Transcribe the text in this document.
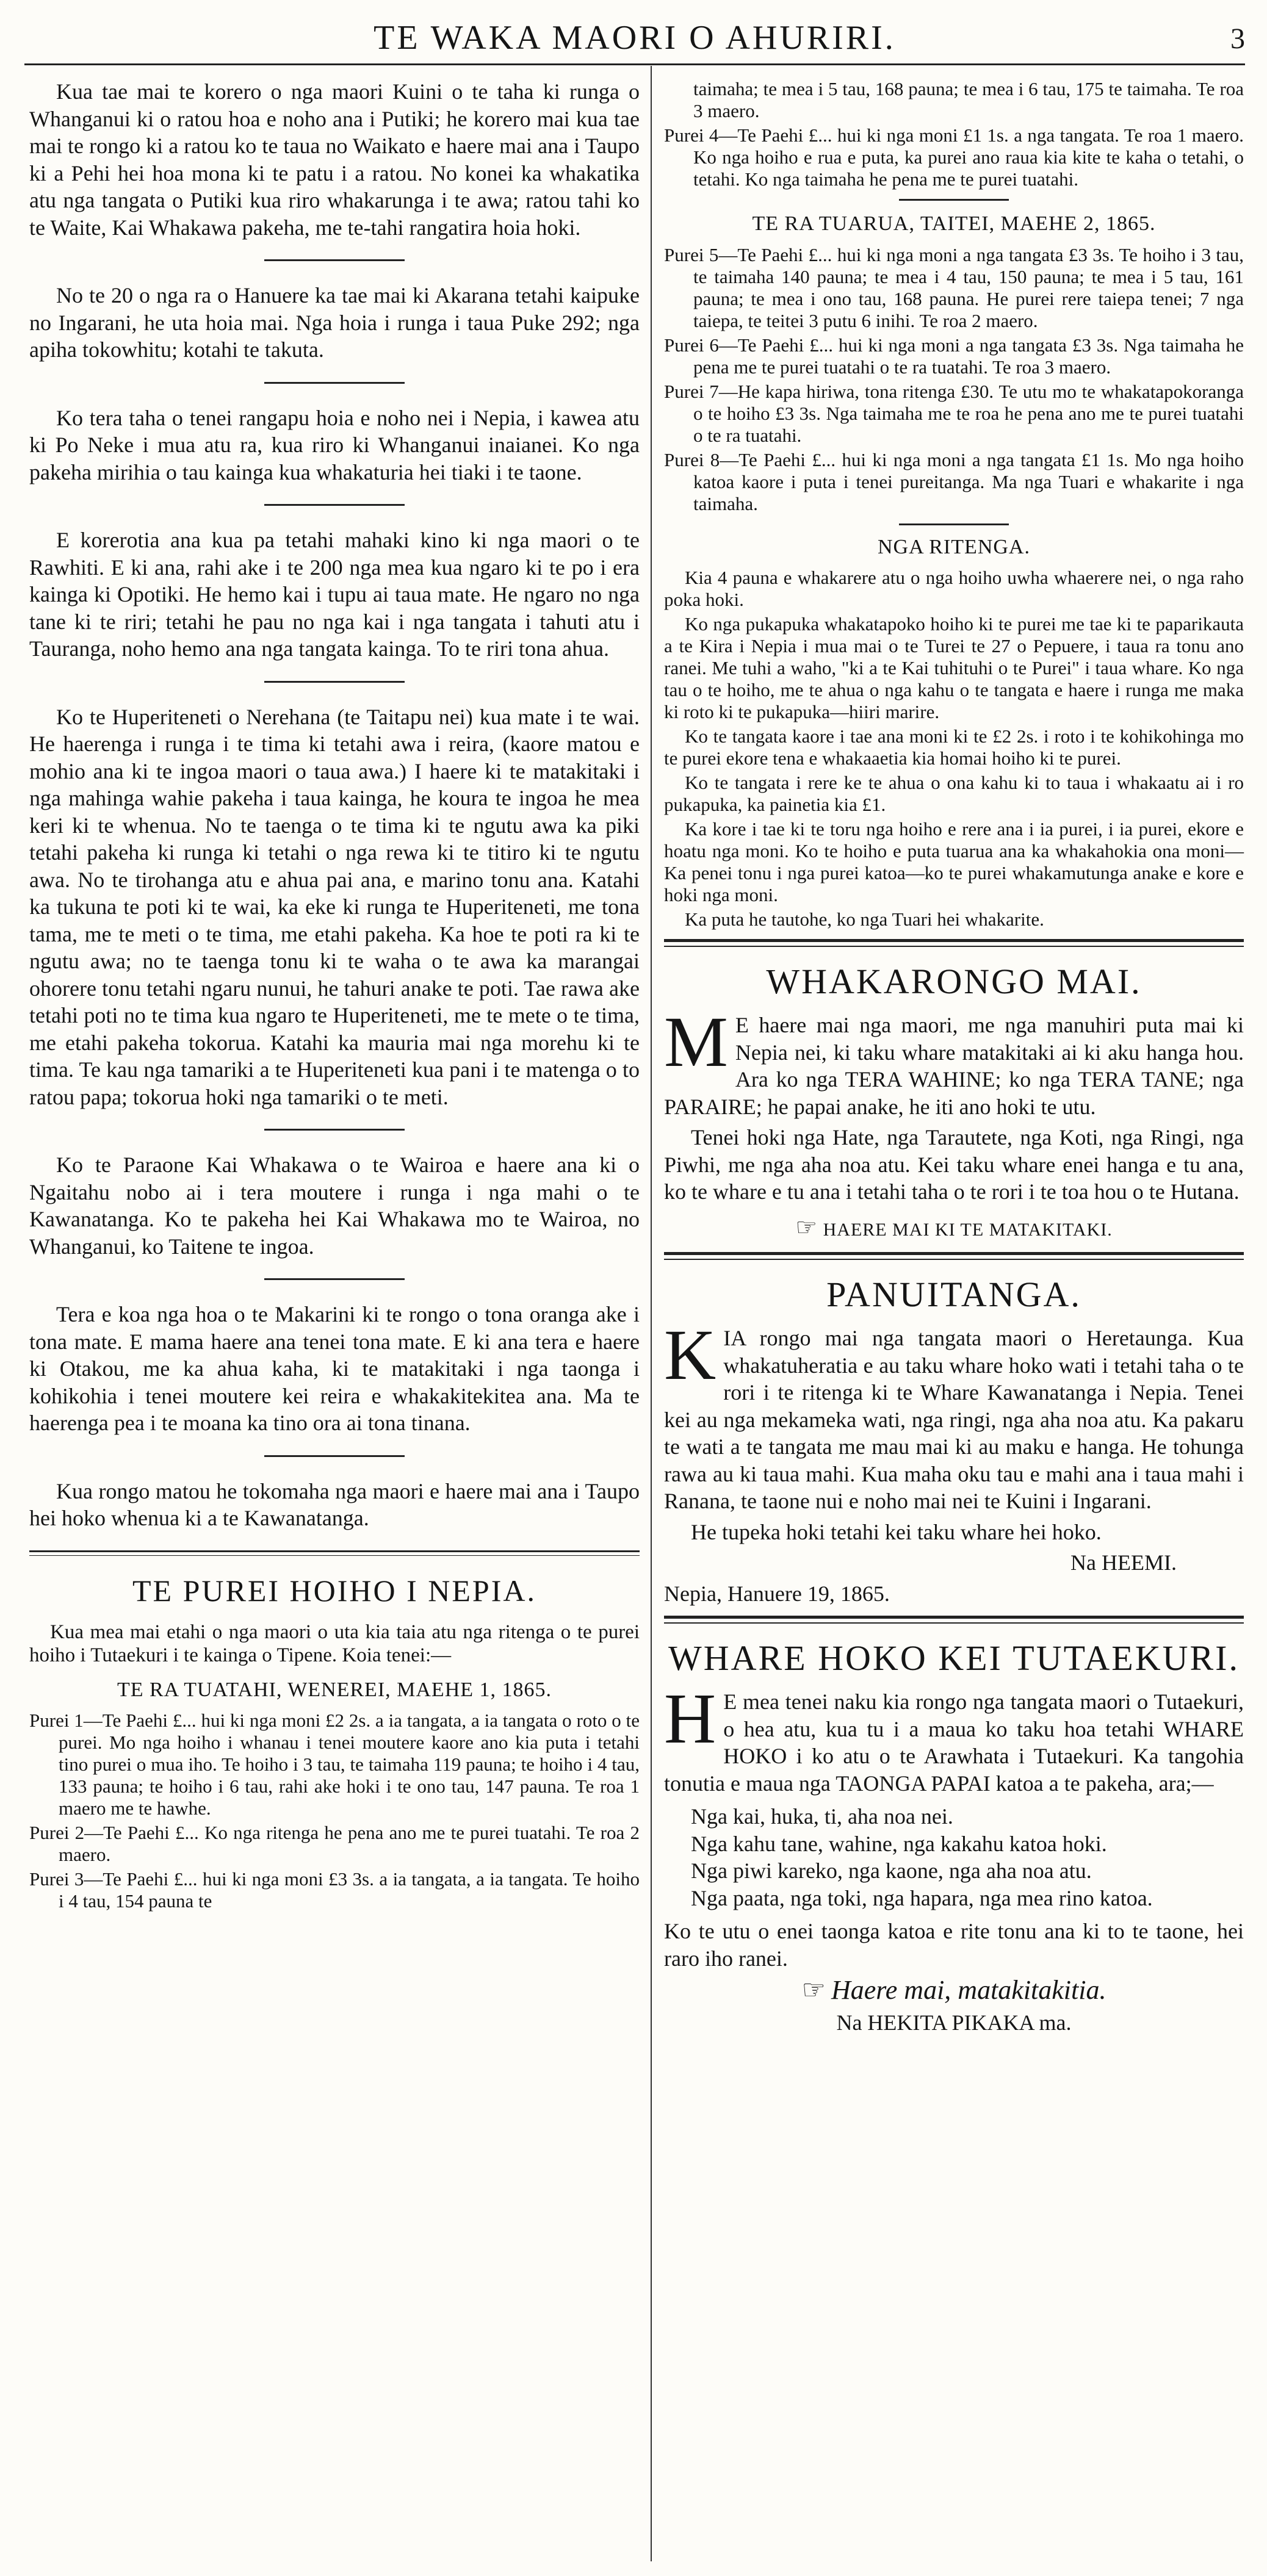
TE WAKA MAORI O AHURIRI.	3

Kua tae mai te korero o nga maori Kuini o te taha ki runga o Whanganui ki o ratou hoa e noho ana i Putiki; he korero mai kua tae mai te rongo ki a ratou ko te taua no Waikato e haere mai ana i Taupo ki a Pehi hei hoa mona ki te patu i a ratou. No konei ka whakatika atu nga tangata o Putiki kua riro whakarunga i te awa; ratou tahi ko te Waite, Kai Whakawa pakeha, me te-tahi rangatira hoia hoki.

No te 20 o nga ra o Hanuere ka tae mai ki Akarana tetahi kaipuke no Ingarani, he uta hoia mai. Nga hoia i runga i taua Puke 292; nga apiha tokowhitu; kotahi te takuta.

Ko tera taha o tenei rangapu hoia e noho nei i Nepia, i kawea atu ki Po Neke i mua atu ra, kua riro ki Whanganui inaianei. Ko nga pakeha mirihia o tau kainga kua whakaturia hei tiaki i te taone.

E korerotia ana kua pa tetahi mahaki kino ki nga maori o te Rawhiti. E ki ana, rahi ake i te 200 nga mea kua ngaro ki te po i era kainga ki Opotiki. He hemo kai i tupu ai taua mate. He ngaro no nga tane ki te riri; tetahi he pau no nga kai i nga tangata i tahuti atu i Tauranga, noho hemo ana nga tangata kainga. To te riri tona ahua.

Ko te Huperiteneti o Nerehana (te Taitapu nei) kua mate i te wai. He haerenga i runga i te tima ki tetahi awa i reira, (kaore matou e mohio ana ki te ingoa maori o taua awa.) I haere ki te matakitaki i nga mahinga wahie pakeha i taua kainga, he koura te ingoa he mea keri ki te whenua. No te taenga o te tima ki te ngutu awa ka piki tetahi pakeha ki runga ki tetahi o nga rewa ki te titiro ki te ngutu awa. No te tirohanga atu e ahua pai ana, e marino tonu ana. Katahi ka tukuna te poti ki te wai, ka eke ki runga te Huperiteneti, me tona tama, me te meti o te tima, me etahi pakeha. Ka hoe te poti ra ki te ngutu awa; no te taenga tonu ki te waha o te awa ka marangai ohorere tonu tetahi ngaru nunui, he tahuri anake te poti. Tae rawa ake tetahi poti no te tima kua ngaro te Huperiteneti, me te mete o te tima, me etahi pakeha tokorua. Katahi ka mauria mai nga morehu ki te tima. Te kau nga tamariki a te Huperiteneti kua pani i te matenga o to ratou papa; tokorua hoki nga tamariki o te meti.

Ko te Paraone Kai Whakawa o te Wairoa e haere ana ki o Ngaitahu nobo ai i tera moutere i runga i nga mahi o te Kawanatanga. Ko te pakeha hei Kai Whakawa mo te Wairoa, no Whanganui, ko Taitene te ingoa.

Tera e koa nga hoa o te Makarini ki te rongo o tona oranga ake i tona mate. E mama haere ana tenei tona mate. E ki ana tera e haere ki Otakou, me ka ahua kaha, ki te matakitaki i nga taonga i kohikohia i tenei moutere kei reira e whakakitekitea ana. Ma te haerenga pea i te moana ka tino ora ai tona tinana.

Kua rongo matou he tokomaha nga maori e haere mai ana i Taupo hei hoko whenua ki a te Kawanatanga.

TE PUREI HOIHO I NEPIA.

Kua mea mai etahi o nga maori o uta kia taia atu nga ritenga o te purei hoiho i Tutaekuri i te kainga o Tipene. Koia tenei:—

TE RA TUATAHI, WENEREI, MAEHE 1, 1865.

Purei 1—Te Paehi £... hui ki nga moni £2 2s. a ia tangata, a ia tangata o roto o te purei. Mo nga hoiho i whanau i tenei moutere kaore ano kia puta i tetahi tino purei o mua iho. Te hoiho i 3 tau, te taimaha 119 pauna; te hoiho i 4 tau, 133 pauna; te hoiho i 6 tau, rahi ake hoki i te ono tau, 147 pauna. Te roa 1 maero me te hawhe.

Purei 2—Te Paehi £... Ko nga ritenga he pena ano me te purei tuatahi. Te roa 2 maero.

Purei 3—Te Paehi £... hui ki nga moni £3 3s. a ia tangata, a ia tangata. Te hoiho i 4 tau, 154 pauna te

taimaha; te mea i 5 tau, 168 pauna; te mea i 6 tau, 175 te taimaha. Te roa 3 maero.

Purei 4—Te Paehi £... hui ki nga moni £1 1s. a nga tangata. Te roa 1 maero. Ko nga hoiho e rua e puta, ka purei ano raua kia kite te kaha o tetahi, o tetahi. Ko nga taimaha he pena me te purei tuatahi.

TE RA TUARUA, TAITEI, MAEHE 2, 1865.

Purei 5—Te Paehi £... hui ki nga moni a nga tangata £3 3s. Te hoiho i 3 tau, te taimaha 140 pauna; te mea i 4 tau, 150 pauna; te mea i 5 tau, 161 pauna; te mea i ono tau, 168 pauna. He purei rere taiepa tenei; 7 nga taiepa, te teitei 3 putu 6 inihi. Te roa 2 maero.

Purei 6—Te Paehi £... hui ki nga moni a nga tangata £3 3s. Nga taimaha he pena me te purei tuatahi o te ra tuatahi. Te roa 3 maero.

Purei 7—He kapa hiriwa, tona ritenga £30. Te utu mo te whakatapokoranga o te hoiho £3 3s. Nga taimaha me te roa he pena ano me te purei tuatahi o te ra tuatahi.

Purei 8—Te Paehi £... hui ki nga moni a nga tangata £1 1s. Mo nga hoiho katoa kaore i puta i tenei pureitanga. Ma nga Tuari e whakarite i nga taimaha.

NGA RITENGA.

Kia 4 pauna e whakarere atu o nga hoiho uwha whaerere nei, o nga raho poka hoki.

Ko nga pukapuka whakatapoko hoiho ki te purei me tae ki te paparikauta a te Kira i Nepia i mua mai o te Turei te 27 o Pepuere, i taua ra tonu ano ranei. Me tuhi a waho, "ki a te Kai tuhituhi o te Purei" i taua whare. Ko nga tau o te hoiho, me te ahua o nga kahu o te tangata e haere i runga me maka ki roto ki te pukapuka—hiiri marire.

Ko te tangata kaore i tae ana moni ki te £2 2s. i roto i te kohikohinga mo te purei ekore tena e whakaaetia kia homai hoiho ki te purei.

Ko te tangata i rere ke te ahua o ona kahu ki to taua i whakaatu ai i ro pukapuka, ka painetia kia £1.

Ka kore i tae ki te toru nga hoiho e rere ana i ia purei, i ia purei, ekore e hoatu nga moni. Ko te hoiho e puta tuarua ana ka whakahokia ona moni—Ka penei tonu i nga purei katoa—ko te purei whakamutunga anake e kore e hoki nga moni.

Ka puta he tautohe, ko nga Tuari hei whakarite.

WHAKARONGO MAI.

M E haere mai nga maori, me nga manuhiri puta mai ki Nepia nei, ki taku whare matakitaki ai ki aku hanga hou. Ara ko nga TERA WAHINE; ko nga TERA TANE; nga PARAIRE; he papai anake, he iti ano hoki te utu.

Tenei hoki nga Hate, nga Tarautete, nga Koti, nga Ringi, nga Piwhi, me nga aha noa atu. Kei taku whare enei hanga e tu ana, ko te whare e tu ana i tetahi taha o te rori i te toa hou o te Hutana.

☞ HAERE MAI KI TE MATAKITAKI.
PANUITANGA.

KIA rongo mai nga tangata maori o Heretaunga. Kua whakatuheratia e au taku whare hoko wati i tetahi taha o te rori i te ritenga ki te Whare Kawanatanga i Nepia. Tenei kei au nga mekameka wati, nga ringi, nga aha noa atu. Ka pakaru te wati a te tangata me mau mai ki au maku e hanga. He tohunga rawa au ki taua mahi. Kua maha oku tau e mahi ana i taua mahi i Ranana, te taone nui e noho mai nei te Kuini i Ingarani.

He tupeka hoki tetahi kei taku whare hei hoko.

Na HEEMI.

Nepia, Hanuere 19, 1865.

WHARE HOKO KEI TUTAEKURI.

H E mea tenei naku kia rongo nga tangata maori o Tutaekuri, o hea atu, kua tu i a maua ko taku hoa tetahi WHARE HOKO i ko atu o te Arawhata i Tutaekuri. Ka tangohia tonutia e maua nga TAONGA PAPAI katoa a te pakeha, ara;—

Nga kai, huka, ti, aha noa nei.
Nga kahu tane, wahine, nga kakahu katoa hoki.
Nga piwi kareko, nga kaone, nga aha noa atu.
Nga paata, nga toki, nga hapara, nga mea rino katoa.

Ko te utu o enei taonga katoa e rite tonu ana ki to te taone, hei raro iho ranei.

☞ Haere mai, matakitakitia.

Na HEKITA PIKAKA ma.
